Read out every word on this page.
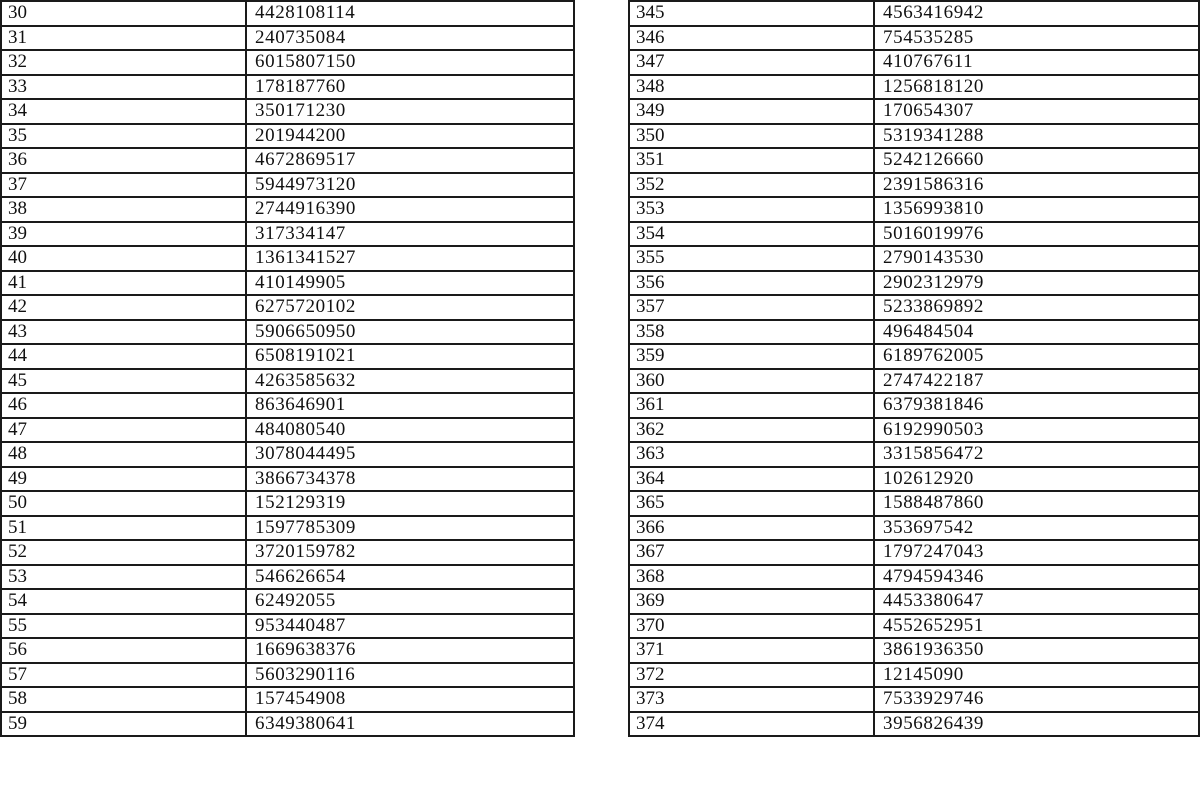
30	4428108114		345	4563416942
31	240735084		346	754535285
32	6015807150		347	410767611
33	178187760		348	1256818120
34	350171230		349	170654307
35	201944200		350	5319341288
36	4672869517		351	5242126660
37	5944973120		352	2391586316
38	2744916390		353	1356993810
39	317334147		354	5016019976
40	1361341527		355	2790143530
41	410149905		356	2902312979
42	6275720102		357	5233869892
43	5906650950		358	496484504
44	6508191021		359	6189762005
45	4263585632		360	2747422187
46	863646901		361	6379381846
47	484080540		362	6192990503
48	3078044495		363	3315856472
49	3866734378		364	102612920
50	152129319		365	1588487860
51	1597785309		366	353697542
52	3720159782		367	1797247043
53	546626654		368	4794594346
54	62492055		369	4453380647
55	953440487		370	4552652951
56	1669638376		371	3861936350
57	5603290116		372	12145090
58	157454908		373	7533929746
59	6349380641		374	3956826439
